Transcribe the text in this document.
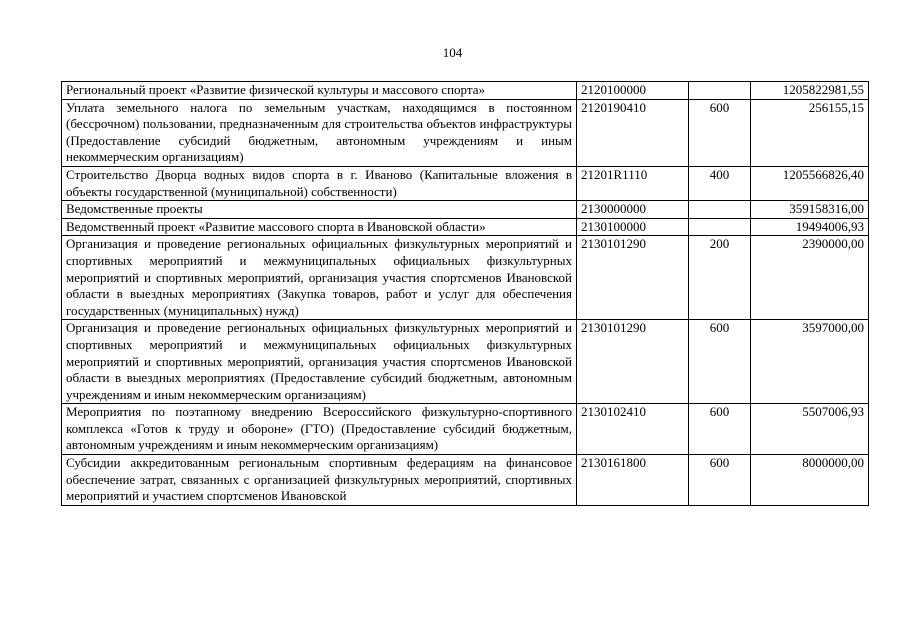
104
Региональный проект «Развитие физической культуры и массового спорта»	2120100000		1205822981,55
Уплата земельного налога по земельным участкам, находящимся в постоянном (бессрочном) пользовании, предназначенным для строительства объектов инфраструктуры (Предоставление субсидий бюджетным, автономным учреждениям и иным некоммерческим организациям)	2120190410	600	256155,15
Строительство Дворца водных видов спорта в г. Иваново (Капитальные вложения в объекты государственной (муниципальной) собственности)	21201R1110	400	1205566826,40
Ведомственные проекты	2130000000		359158316,00
Ведомственный проект «Развитие массового спорта в Ивановской области»	2130100000		19494006,93
Организация и проведение региональных официальных физкультурных мероприятий и спортивных мероприятий и межмуниципальных официальных физкультурных мероприятий и спортивных мероприятий, организация участия спортсменов Ивановской области в выездных мероприятиях (Закупка товаров, работ и услуг для обеспечения государственных (муниципальных) нужд)	2130101290	200	2390000,00
Организация и проведение региональных официальных физкультурных мероприятий и спортивных мероприятий и межмуниципальных официальных физкультурных мероприятий и спортивных мероприятий, организация участия спортсменов Ивановской области в выездных мероприятиях (Предоставление субсидий бюджетным, автономным учреждениям и иным некоммерческим организациям)	2130101290	600	3597000,00
Мероприятия по поэтапному внедрению Всероссийского физкультурно-спортивного комплекса «Готов к труду и обороне» (ГТО) (Предоставление субсидий бюджетным, автономным учреждениям и иным некоммерческим организациям)	2130102410	600	5507006,93
Субсидии аккредитованным региональным спортивным федерациям на финансовое обеспечение затрат, связанных с организацией физкультурных мероприятий, спортивных мероприятий и участием спортсменов Ивановской	2130161800	600	8000000,00
